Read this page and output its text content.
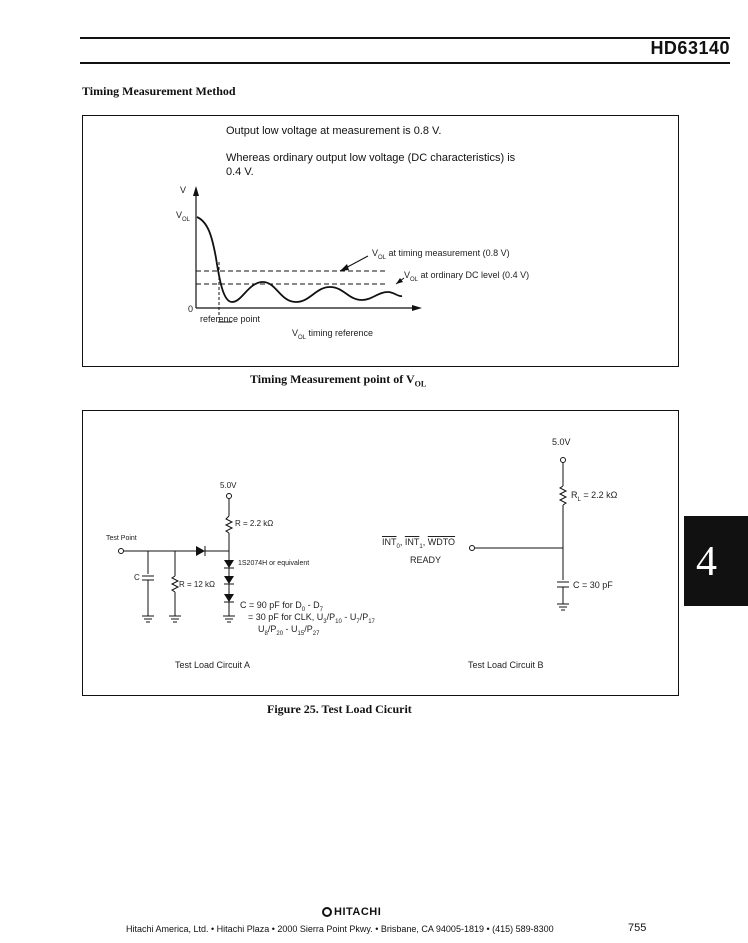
HD63140
Timing Measurement Method
Output low voltage at measurement is 0.8 V.
Whereas ordinary output low voltage (DC characteristics) is 0.4 V.
V
$V_{OL}$
0
reference point
$V_{OL}$ timing reference
$V_{OL}$ at timing measurement (0.8 V)
$V_{OL}$ at ordinary DC level (0.4 V)
Timing Measurement point of $V_{OL}$
5.0V
R = 2.2 kΩ
Test Point
1S2074H or equivalent
C
R = 12 kΩ
C = 90 pF for $D_0 - D_7$
= 30 pF for CLK, $U_3/P_{10} - U_7/P_{17}$
$U_8/P_{20} - U_{15}/P_{27}$
Test Load Circuit A
5.0V
$R_L = 2.2$ kΩ
$\overline{INT}_0$, $\overline{INT}_1$, WDTO
READY
C = 30 pF
Test Load Circuit B
Figure 25. Test Load Cicurit
4
HITACHI
Hitachi America, Ltd. • Hitachi Plaza • 2000 Sierra Point Pkwy. • Brisbane, CA 94005-1819 • (415) 589-8300	755
